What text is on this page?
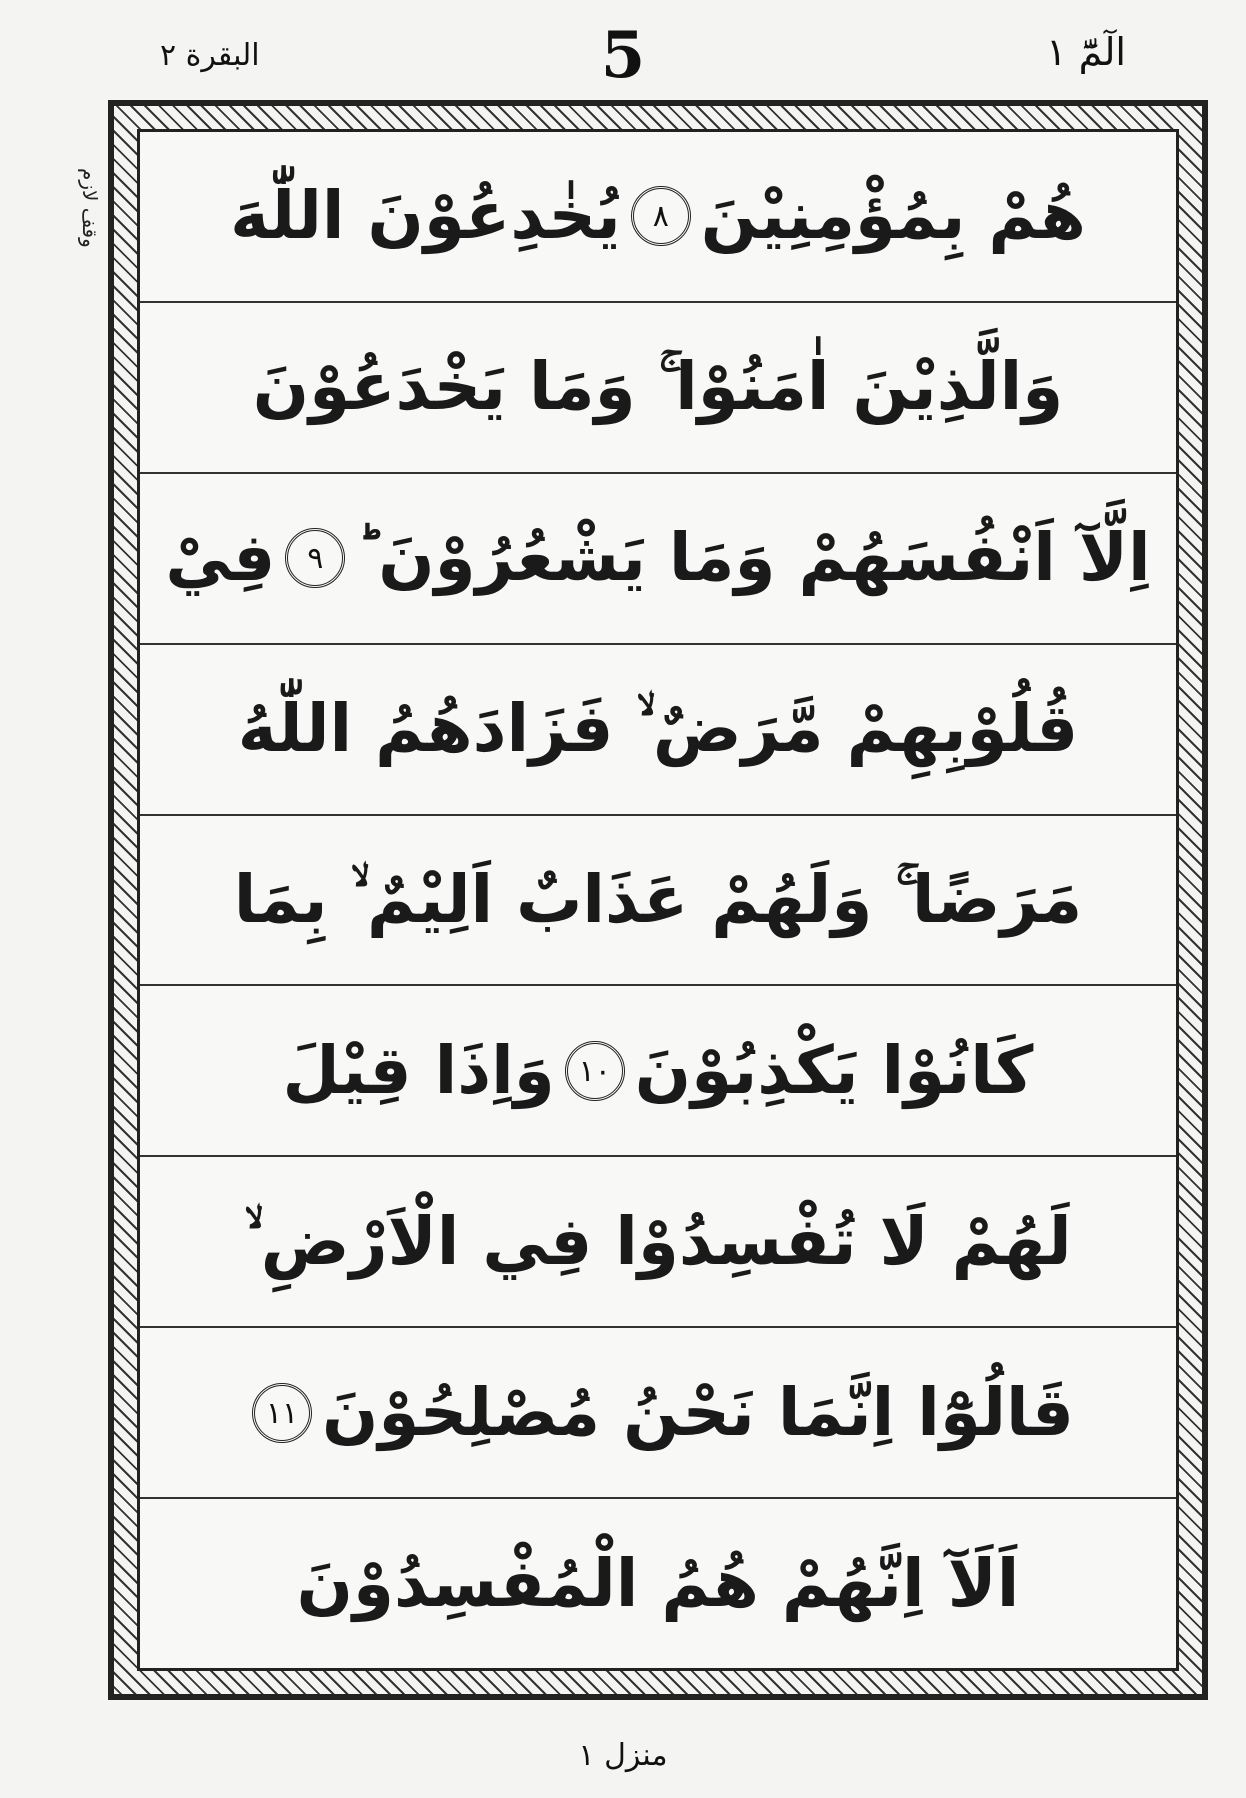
البقرة ٢	5	الٓمّٓ ١
وقف لازم	هُمْ بِمُؤْمِنِيْنَ
٨
يُخٰدِعُوْنَ اللّٰهَ
وَالَّذِيْنَ اٰمَنُوْا ۚ وَمَا يَخْدَعُوْنَ
اِلَّآ اَنْفُسَهُمْ وَمَا يَشْعُرُوْنَ ؕ
٩
فِيْ
قُلُوْبِهِمْ مَّرَضٌ ۙ فَزَادَهُمُ اللّٰهُ
مَرَضًا ۚ وَلَهُمْ عَذَابٌ اَلِيْمٌ ۙ بِمَا
كَانُوْا يَكْذِبُوْنَ
١٠
وَاِذَا قِيْلَ
لَهُمْ لَا تُفْسِدُوْا فِي الْاَرْضِ ۙ
قَالُوْٓا اِنَّمَا نَحْنُ مُصْلِحُوْنَ
١١
اَلَآ اِنَّهُمْ هُمُ الْمُفْسِدُوْنَ
منزل ١
